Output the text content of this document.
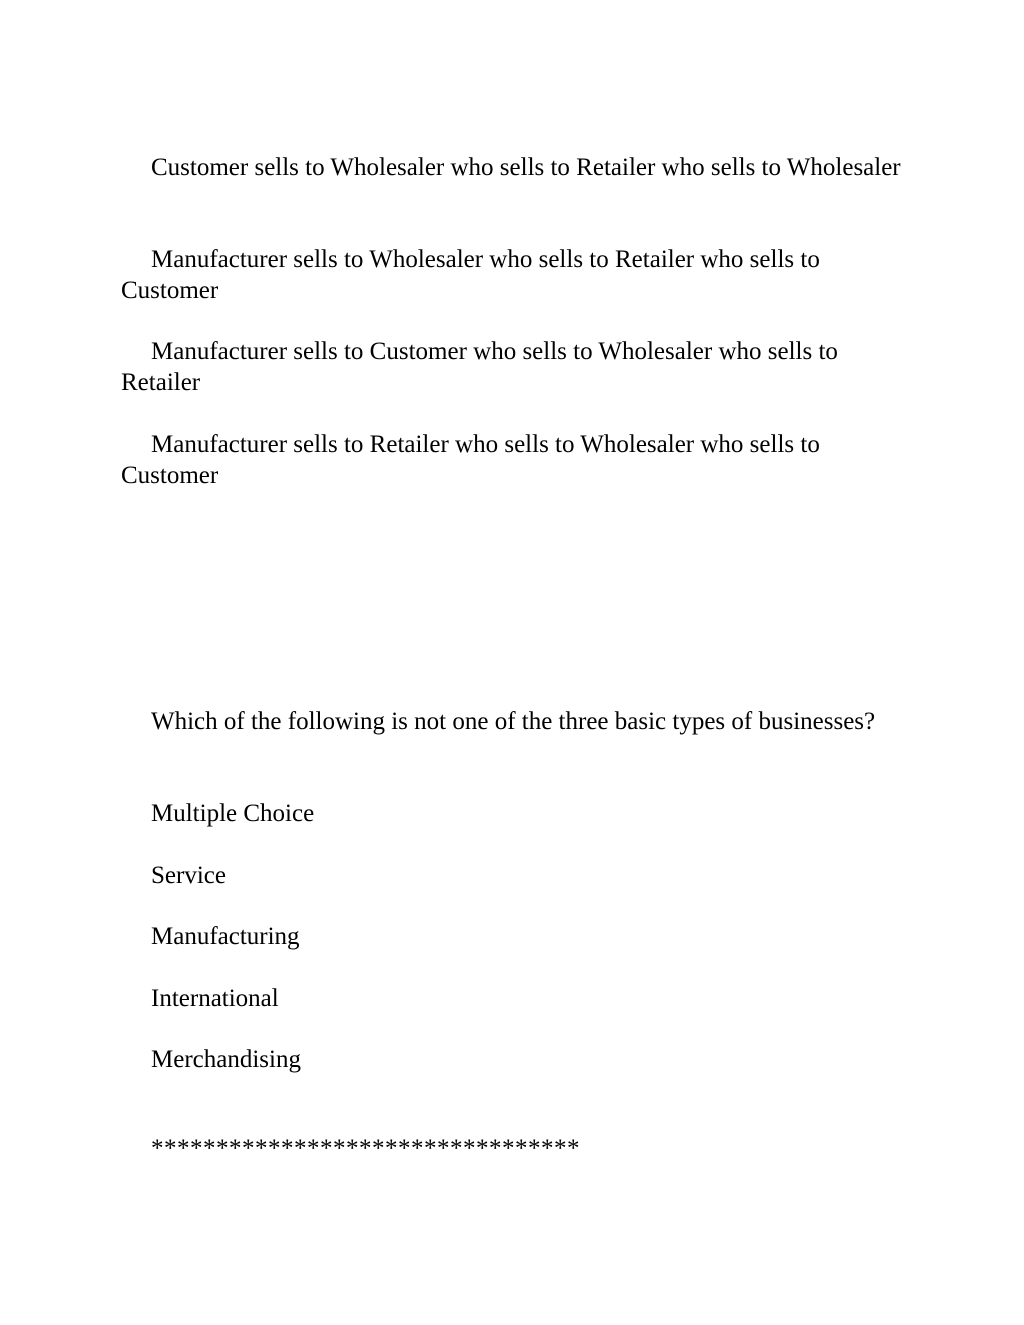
Customer sells to Wholesaler who sells to Retailer who sells to Wholesaler

Manufacturer sells to Wholesaler who sells to Retailer who sells to Customer

Manufacturer sells to Customer who sells to Wholesaler who sells to Retailer

Manufacturer sells to Retailer who sells to Wholesaler who sells to Customer

Which of the following is not one of the three basic types of businesses?

Multiple Choice

Service

Manufacturing

International

Merchandising

*********************************
